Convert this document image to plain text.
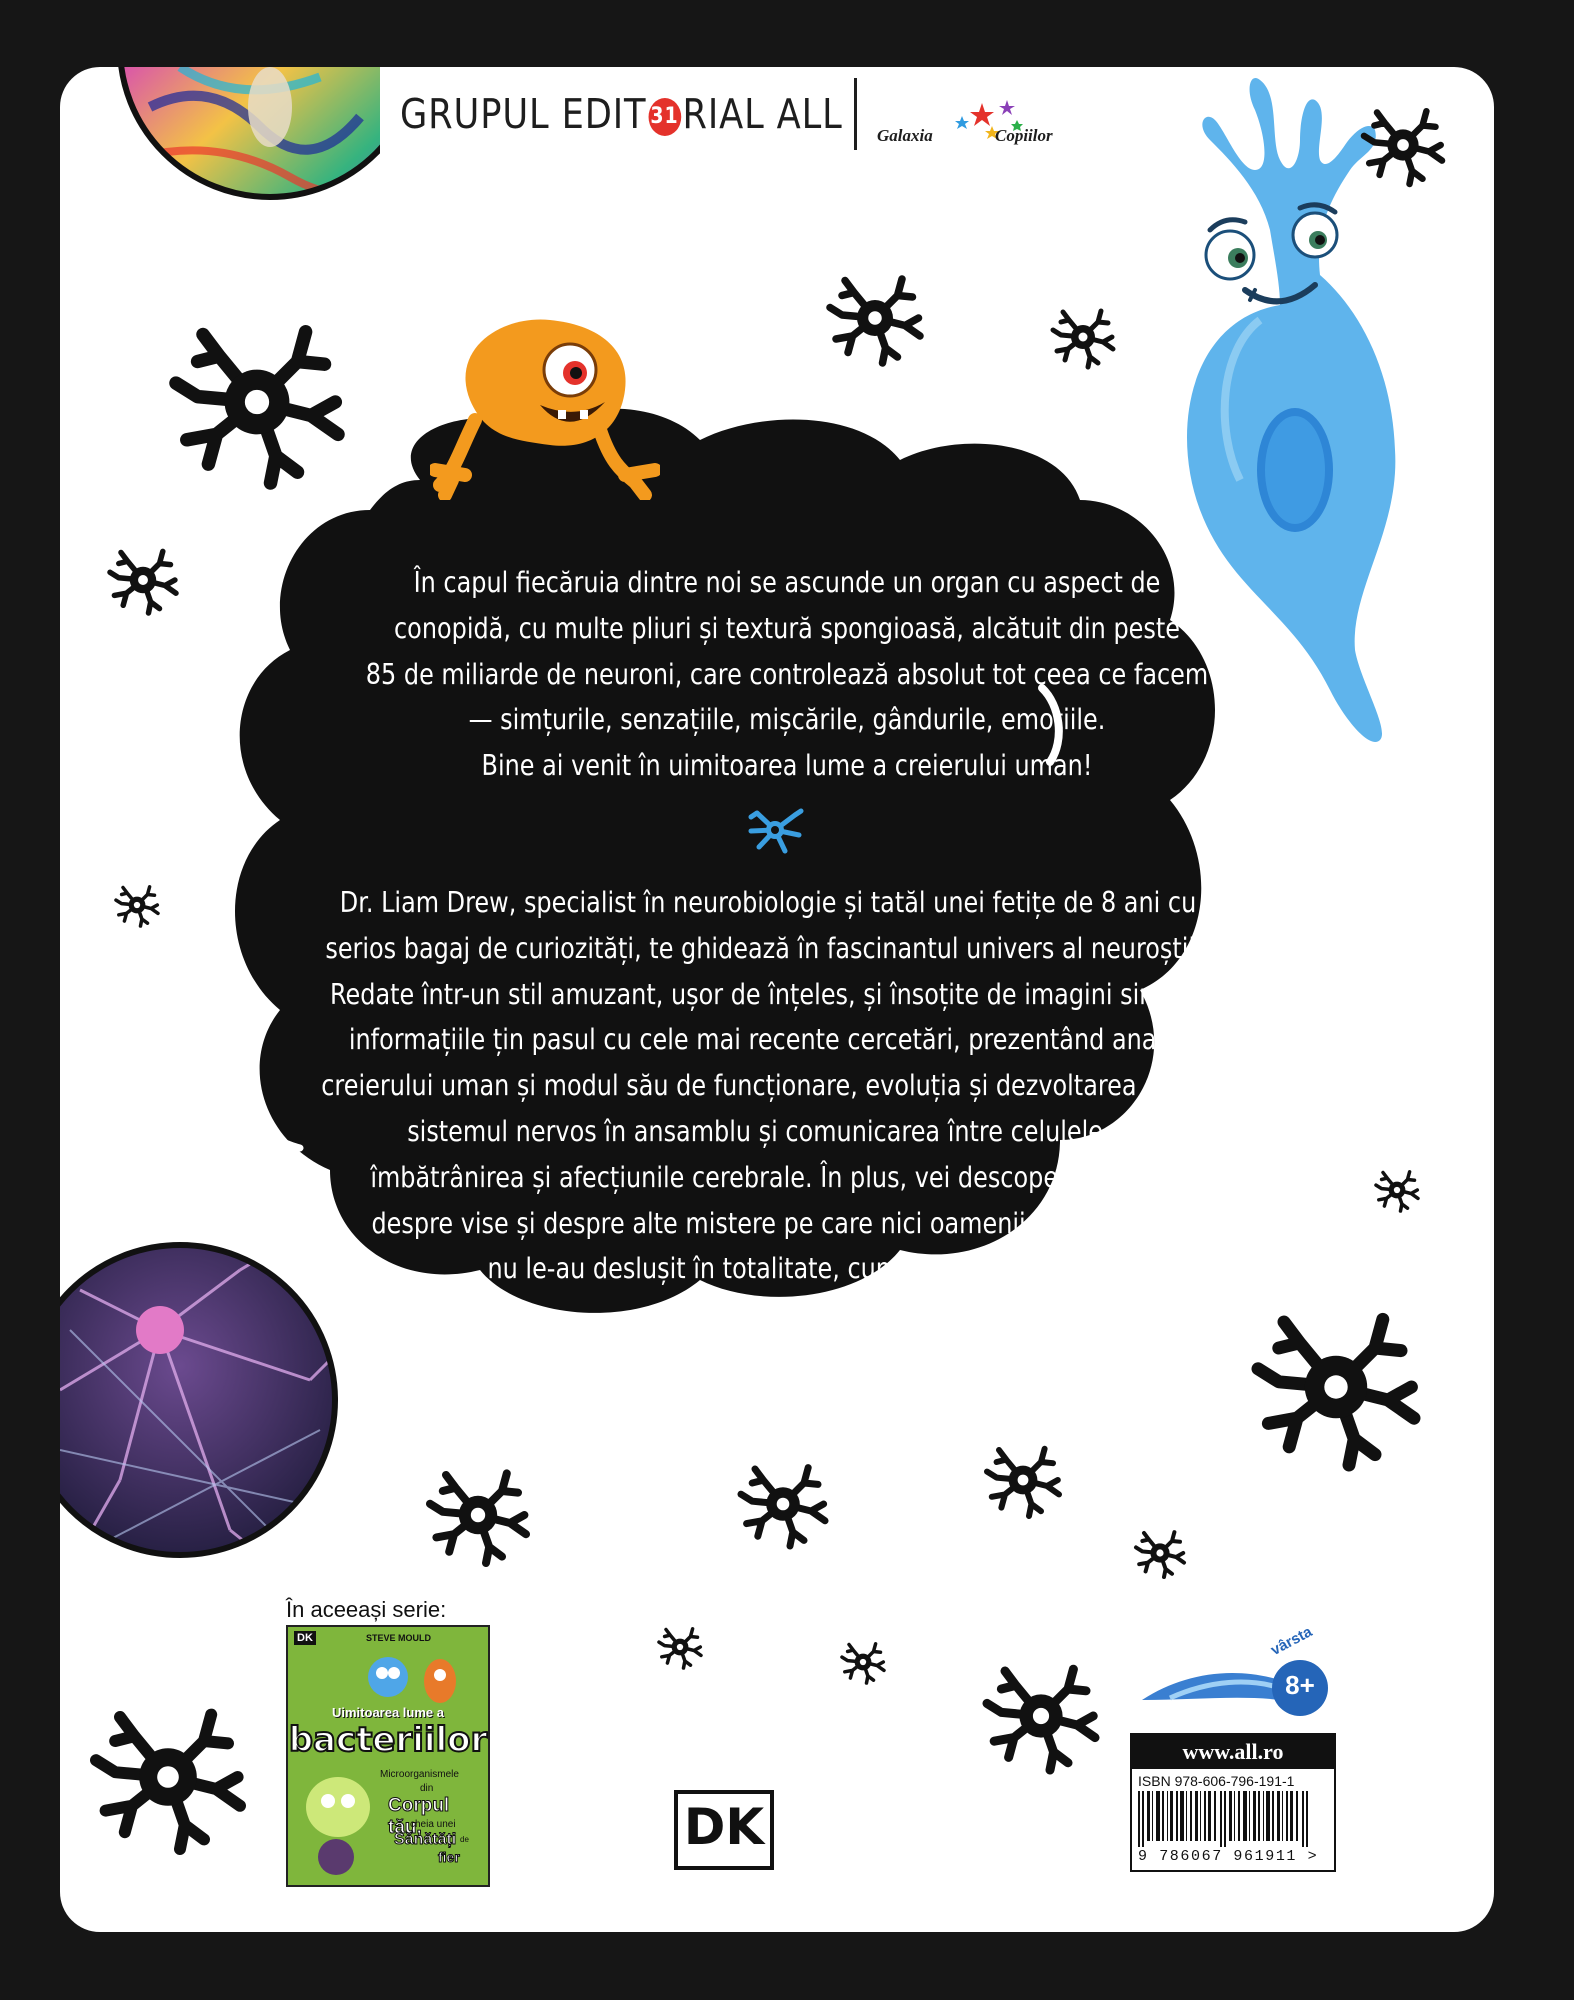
GRUPUL EDIT 31RIAL ALL Galaxia	Copiilor

În capul fiecăruia dintre noi se ascunde un organ cu aspect de

conopidă, cu multe pliuri și textură spongioasă, alcătuit din peste

85 de miliarde de neuroni, care controlează absolut tot ceea ce facem

— simțurile, senzațiile, mișcările, gândurile, emoțiile.

Bine ai venit în uimitoarea lume a creierului uman!

Dr. Liam Drew, specialist în neurobiologie și tatăl unei fetițe de 8 ani cu un

serios bagaj de curiozități, te ghidează în fascinantul univers al neuroștiinței.

Redate într-un stil amuzant, ușor de înțeles, și însoțite de imagini simpatice,

informațiile țin pasul cu cele mai recente cercetări, prezentând anatomia

creierului uman și modul său de funcționare, evoluția și dezvoltarea acestuia,

sistemul nervos în ansamblu și comunicarea între celulele sale,

îmbătrânirea și afecțiunile cerebrale. În plus, vei descoperi mai multe

despre vise și despre alte mistere pe care nici oamenii de știință încă

nu le-au deslușit în totalitate, cum ar fi conștiința.

În aceeași serie:
DK	STEVE MOULD
Uimitoarea lume a
bacteriilor
Microorganismele
din
Corpul tău,
cheia unei
Sănătăți de
fier
DK
vârsta
8+
www.all.ro
ISBN 978-606-796-191-1
9 786067 961911 >
